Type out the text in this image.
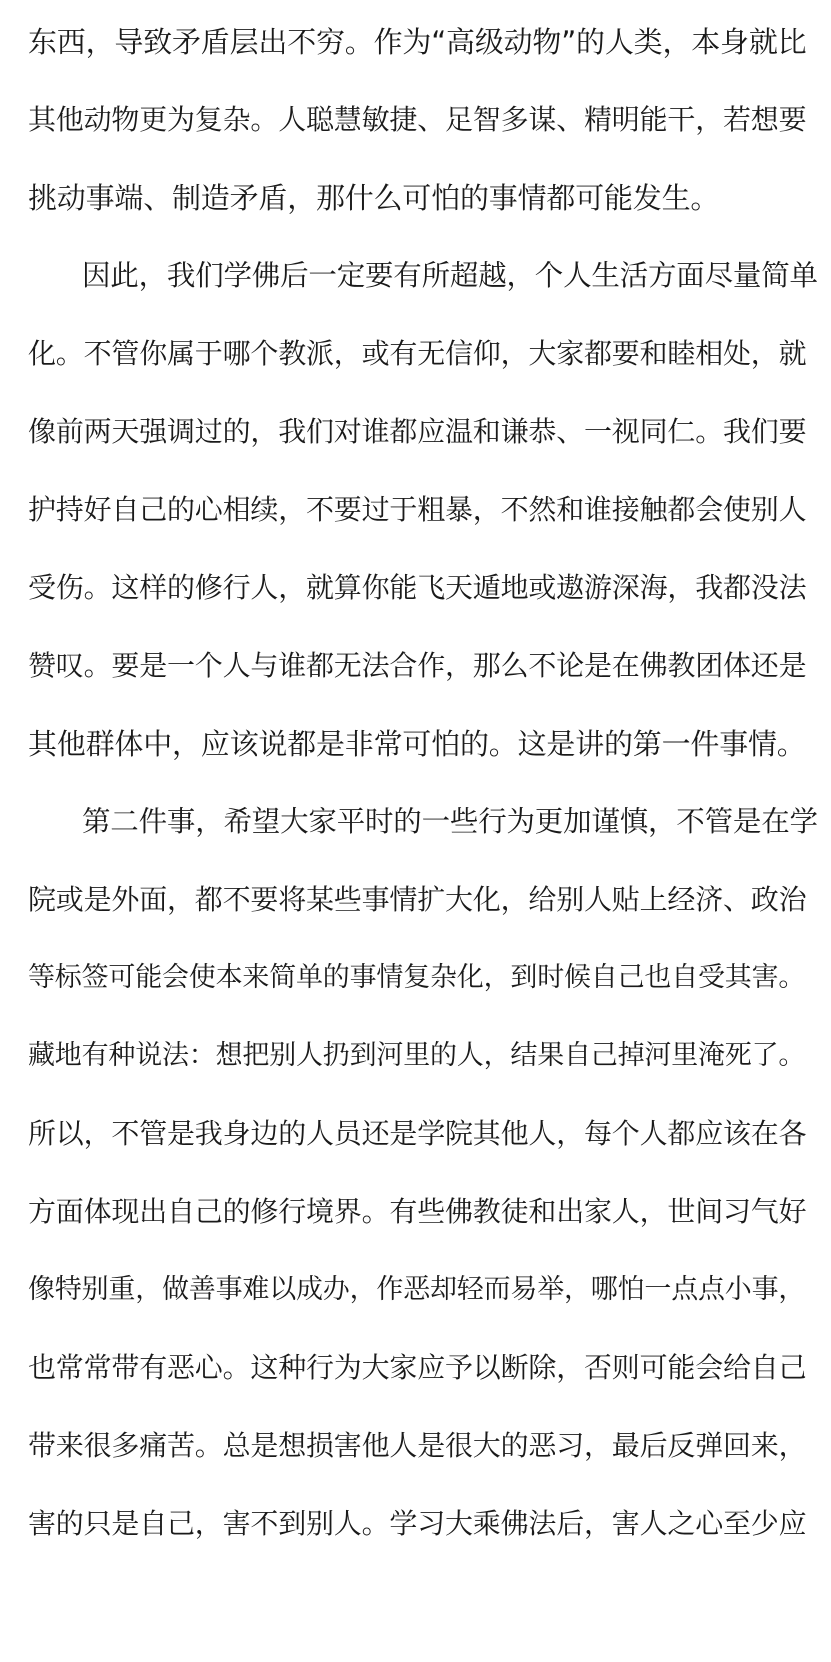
东西，导致矛盾层出不穷。作为“高级动物”的人类，本身就比
其他动物更为复杂。人聪慧敏捷、足智多谋、精明能干，若想要
挑动事端、制造矛盾，那什么可怕的事情都可能发生。
因此，我们学佛后一定要有所超越，个人生活方面尽量简单
化。不管你属于哪个教派，或有无信仰，大家都要和睦相处，就
像前两天强调过的，我们对谁都应温和谦恭、一视同仁。我们要
护持好自己的心相续，不要过于粗暴，不然和谁接触都会使别人
受伤。这样的修行人，就算你能飞天遁地或遨游深海，我都没法
赞叹。要是一个人与谁都无法合作，那么不论是在佛教团体还是
其他群体中，应该说都是非常可怕的。这是讲的第一件事情。
第二件事，希望大家平时的一些行为更加谨慎，不管是在学
院或是外面，都不要将某些事情扩大化，给别人贴上经济、政治
等标签可能会使本来简单的事情复杂化，到时候自己也自受其害。
藏地有种说法：想把别人扔到河里的人，结果自己掉河里淹死了。
所以，不管是我身边的人员还是学院其他人，每个人都应该在各
方面体现出自己的修行境界。有些佛教徒和出家人，世间习气好
像特别重，做善事难以成办，作恶却轻而易举，哪怕一点点小事，
也常常带有恶心。这种行为大家应予以断除，否则可能会给自己
带来很多痛苦。总是想损害他人是很大的恶习，最后反弹回来，
害的只是自己，害不到别人。学习大乘佛法后，害人之心至少应
